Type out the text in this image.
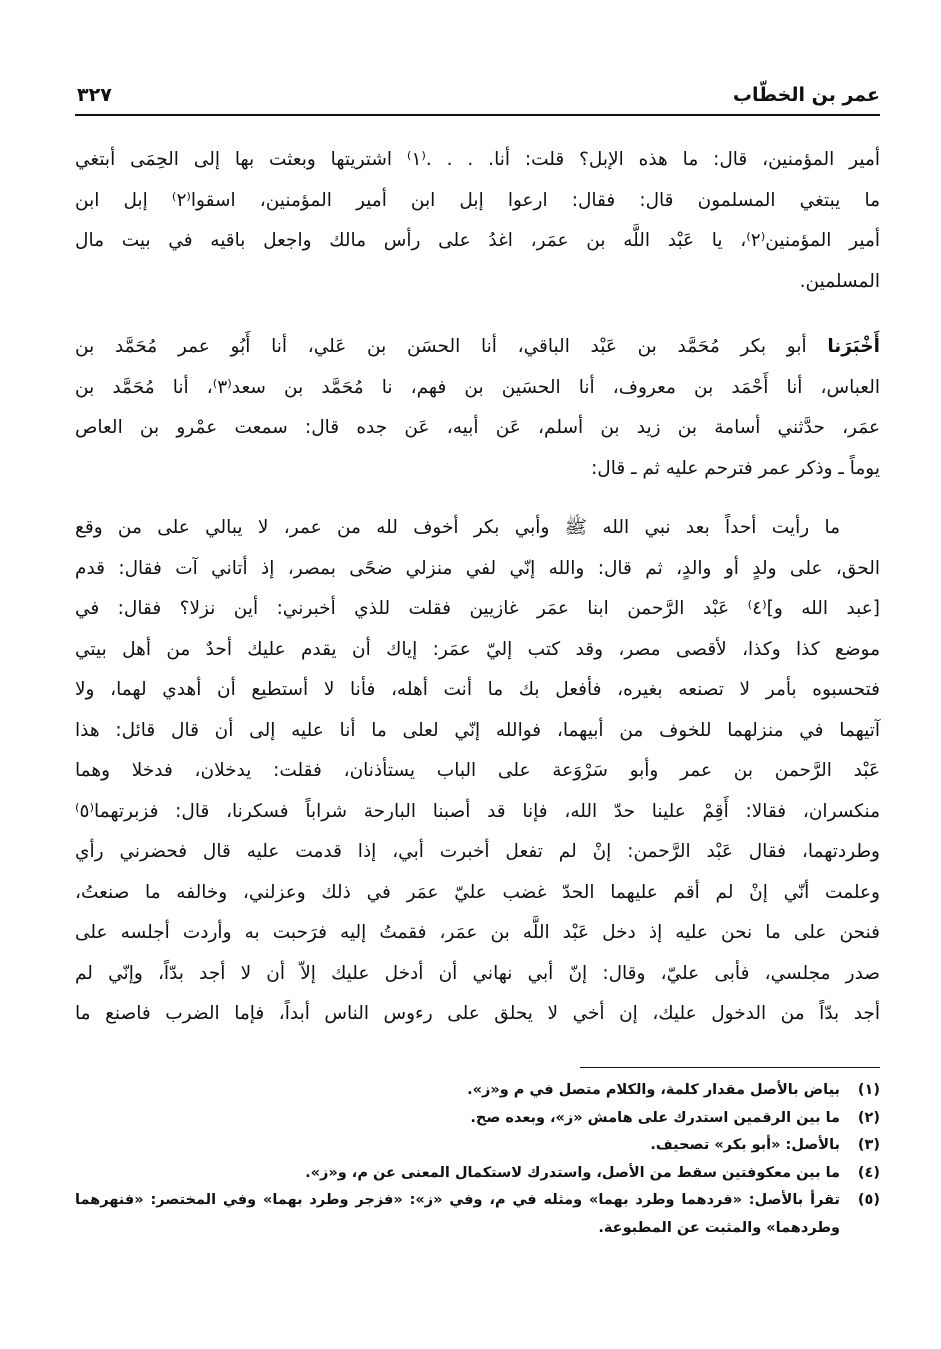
عمر بن الخطّاب
٣٢٧
أمير المؤمنين، قال: ما هذه الإبل؟ قلت: أنا. . . .⁽١⁾ اشتريتها وبعثت بها إلى الحِمَى أبتغي
ما يبتغي المسلمون قال: فقال: ارعوا إبل ابن أمير المؤمنين، اسقوا⁽٢⁾ إبل ابن
أمير المؤمنين⁽٢⁾، يا عَبْد اللَّه بن عمَر، اغدُ على رأس مالك واجعل باقيه في بيت مال
المسلمين.
أَخْبَرَنا أبو بكر مُحَمَّد بن عَبْد الباقي، أنا الحسَن بن عَلي، أنا أَبُو عمر مُحَمَّد بن
العباس، أنا أَحْمَد بن معروف، أنا الحسَين بن فهم، نا مُحَمَّد بن سعد⁽٣⁾، أنا مُحَمَّد بن
عمَر، حدَّثني أسامة بن زيد بن أسلم، عَن أبيه، عَن جده قال: سمعت عمْرو بن العاص
يوماً ـ وذكر عمر فترحم عليه ثم ـ قال:
ما رأيت أحداً بعد نبي الله ﷺ وأبي بكر أخوف لله من عمر، لا يبالي على من وقع
الحق، على ولدٍ أو والدٍ، ثم قال: والله إنّي لفي منزلي ضحًى بمصر، إذ أتاني آت فقال: قدم
[عبد الله و]⁽٤⁾ عَبْد الرَّحمن ابنا عمَر غازيين فقلت للذي أخبرني: أين نزلا؟ فقال: في
موضع كذا وكذا، لأقصى مصر، وقد كتب إليّ عمَر: إياك أن يقدم عليك أحدٌ من أهل بيتي
فتحسبوه بأمر لا تصنعه بغيره، فأفعل بك ما أنت أهله، فأنا لا أستطيع أن أهدي لهما، ولا
آتيهما في منزلهما للخوف من أبيهما، فوالله إنّي لعلى ما أنا عليه إلى أن قال قائل: هذا
عَبْد الرَّحمن بن عمر وأبو سَرْوَعة على الباب يستأذنان، فقلت: يدخلان، فدخلا وهما
منكسران، فقالا: أَقِمْ علينا حدّ الله، فإنا قد أصبنا البارحة شراباً فسكرنا، قال: فزبرتهما⁽٥⁾
وطردتهما، فقال عَبْد الرَّحمن: إنْ لم تفعل أخبرت أبي، إذا قدمت عليه قال فحضرني رأي
وعلمت أنّي إنْ لم أقم عليهما الحدّ غضب عليّ عمَر في ذلك وعزلني، وخالفه ما صنعتُ،
فنحن على ما نحن عليه إذ دخل عَبْد اللَّه بن عمَر، فقمتُ إليه فرَحبت به وأردت أجلسه على
صدر مجلسي، فأبى عليّ، وقال: إنّ أبي نهاني أن أدخل عليك إلاّ أن لا أجد بدّاً، وإنّي لم
أجد بدّاً من الدخول عليك، إن أخي لا يحلق على رءوس الناس أبداً، فإما الضرب فاصنع ما
(١)
بياض بالأصل مقدار كلمة، والكلام متصل في م و«ز».
(٢)
ما بين الرقمين استدرك على هامش «ز»، وبعده صح.
(٣)
بالأصل: «أبو بكر» تصحيف.
(٤)
ما بين معكوفتين سقط من الأصل، واستدرك لاستكمال المعنى عن م، و«ز».
(٥)
تقرأ بالأصل: «فردهما وطرد بهما» ومثله في م، وفي «ز»: «فزجر وطرد بهما» وفي المختصر: «فنهرهما وطردهما» والمثبت عن المطبوعة.
